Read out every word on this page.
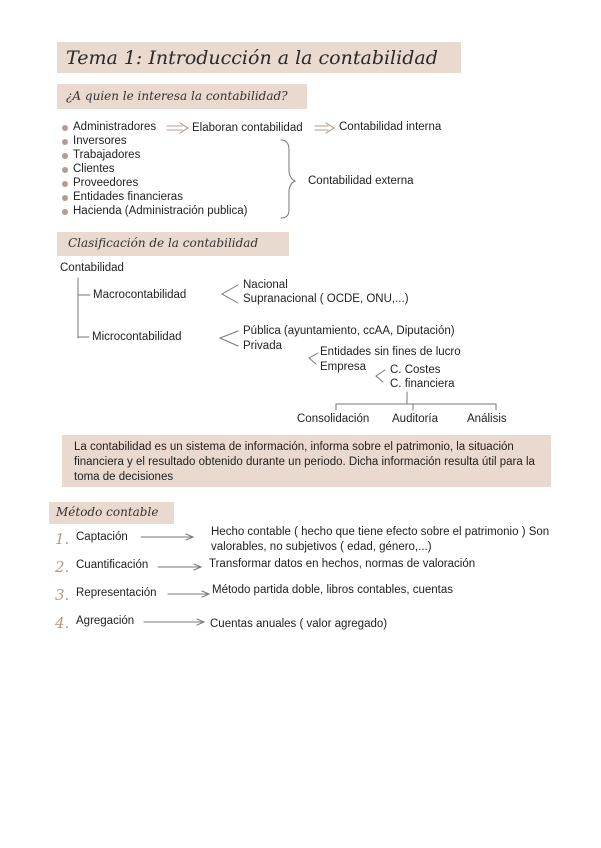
Tema 1: Introducción a la contabilidad
¿A quien le interesa la contabilidad?
Administradores
Inversores
Trabajadores
Clientes
Proveedores
Entidades financieras
Hacienda (Administración publica)
Elaboran contabilidad	Contabilidad interna
Contabilidad externa
Clasificación de la contabilidad
Contabilidad
Macrocontabilidad
Nacional
Supranacional ( OCDE, ONU,...)
Microcontabilidad	Pública (ayuntamiento, ccAA, Diputación)
Privada	Entidades sin fines de lucro
Empresa C. Costes
C. financiera
Consolidación Auditoría	Análisis
La contabilidad es un sistema de información, informa sobre el patrimonio, la situación financiera y el resultado obtenido durante un periodo. Dicha información resulta útil para la toma de decisiones
Método contable
1. Captación	Hecho contable ( hecho que tiene efecto sobre el patrimonio ) Son valorables, no subjetivos ( edad, género,...)
2. Cuantificación	Transformar datos en hechos, normas de valoración
3. Representación	Método partida doble, libros contables, cuentas
4. Agregación	Cuentas anuales ( valor agregado)
